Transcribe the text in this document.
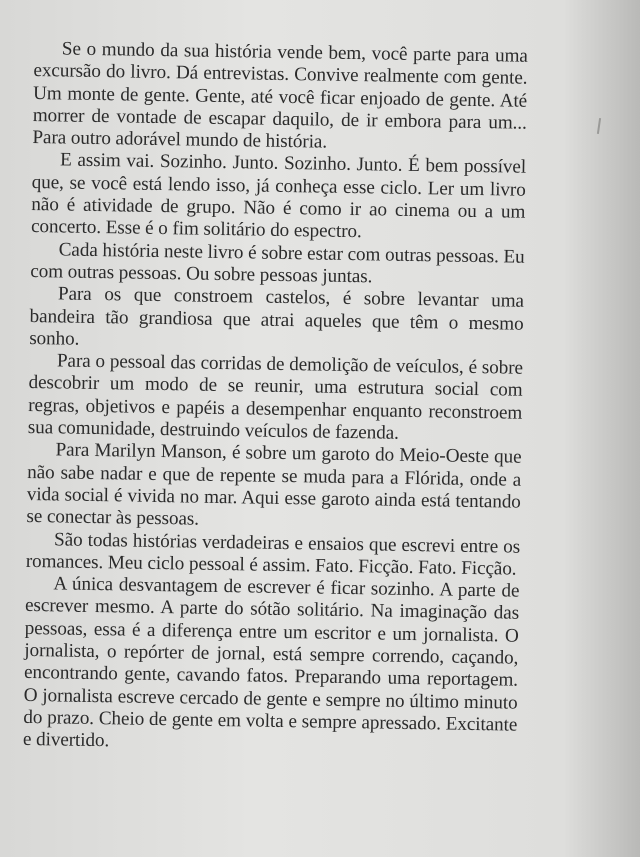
Se o mundo da sua história vende bem, você parte para uma excursão do livro. Dá entrevistas. Convive realmente com gente. Um monte de gente. Gente, até você ficar enjoado de gente. Até morrer de vontade de escapar daquilo, de ir embora para um... Para outro adorável mundo de história.

E assim vai. Sozinho. Junto. Sozinho. Junto. É bem possível que, se você está lendo isso, já conheça esse ciclo. Ler um livro não é atividade de grupo. Não é como ir ao cinema ou a um concerto. Esse é o fim solitário do espectro.

Cada história neste livro é sobre estar com outras pessoas. Eu com outras pessoas. Ou sobre pessoas juntas.

Para os que constroem castelos, é sobre levantar uma bandeira tão grandiosa que atrai aqueles que têm o mesmo sonho.

Para o pessoal das corridas de demolição de veículos, é sobre descobrir um modo de se reunir, uma estrutura social com regras, objetivos e papéis a desempenhar enquanto reconstroem sua comunidade, destruindo veículos de fazenda.

Para Marilyn Manson, é sobre um garoto do Meio-Oeste que não sabe nadar e que de repente se muda para a Flórida, onde a vida social é vivida no mar. Aqui esse garoto ainda está tentando se conectar às pessoas.

São todas histórias verdadeiras e ensaios que escrevi entre os romances. Meu ciclo pessoal é assim. Fato. Ficção. Fato. Ficção.

A única desvantagem de escrever é ficar sozinho. A parte de escrever mesmo. A parte do sótão solitário. Na imaginação das pessoas, essa é a diferença entre um escritor e um jornalista. O jornalista, o repórter de jornal, está sempre correndo, caçando, encontrando gente, cavando fatos. Preparando uma reportagem. O jornalista escreve cercado de gente e sempre no último minuto do prazo. Cheio de gente em volta e sempre apressado. Excitante e divertido.
